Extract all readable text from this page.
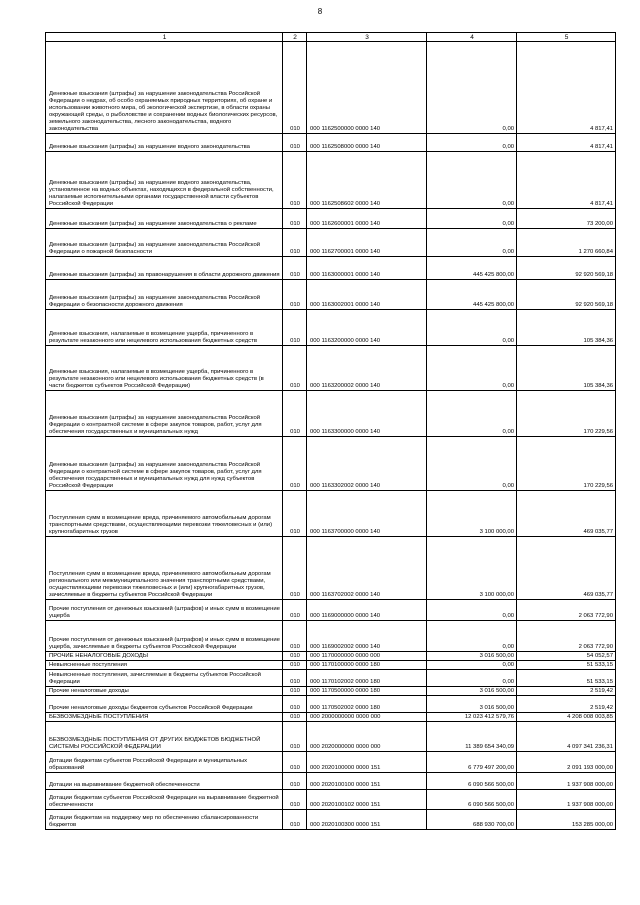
8
1	2	3	4	5
Денежные взыскания (штрафы) за нарушение законодательства Российской Федерации о недрах, об особо охраняемых природных территориях, об охране и использовании животного мира, об экологической экспертизе, в области охраны окружающей среды, о рыболовстве и сохранении водных биологических ресурсов, земельного законодательства, лесного законодательства, водного законодательства	010	000 1162500000 0000 140	0,00	4 817,41
Денежные взыскания (штрафы) за нарушение водного законодательства	010	000 1162508000 0000 140	0,00	4 817,41
Денежные взыскания (штрафы) за нарушение водного законодательства, установленное на водных объектах, находящихся в федеральной собственности, налагаемые исполнительными органами государственной власти субъектов Российской Федерации	010	000 1162508602 0000 140	0,00	4 817,41
Денежные взыскания (штрафы) за нарушение законодательства о рекламе	010	000 1162600001 0000 140	0,00	73 200,00
Денежные взыскания (штрафы) за нарушение законодательства Российской Федерации о пожарной безопасности	010	000 1162700001 0000 140	0,00	1 270 660,84
Денежные взыскания (штрафы) за правонарушения в области дорожного движения	010	000 1163000001 0000 140	445 425 800,00	92 920 569,18
Денежные взыскания (штрафы) за нарушение законодательства Российской Федерации о безопасности дорожного движения	010	000 1163002001 0000 140	445 425 800,00	92 920 569,18
Денежные взыскания, налагаемые в возмещение ущерба, причиненного в результате незаконного или нецелевого использования бюджетных средств	010	000 1163200000 0000 140	0,00	105 384,36
Денежные взыскания, налагаемые в возмещение ущерба, причиненного в результате незаконного или нецелевого использования бюджетных средств (в части бюджетов субъектов Российской Федерации)	010	000 1163200002 0000 140	0,00	105 384,36
Денежные взыскания (штрафы) за нарушение законодательства Российской Федерации о контрактной системе в сфере закупок товаров, работ, услуг для обеспечения государственных и муниципальных нужд	010	000 1163300000 0000 140	0,00	170 229,56
Денежные взыскания (штрафы) за нарушение законодательства Российской Федерации о контрактной системе в сфере закупок товаров, работ, услуг для обеспечения государственных и муниципальных нужд для нужд субъектов Российской Федерации	010	000 1163302002 0000 140	0,00	170 229,56
Поступления сумм в возмещение вреда, причиняемого автомобильным дорогам транспортными средствами, осуществляющими перевозки тяжеловесных и (или) крупногабаритных грузов	010	000 1163700000 0000 140	3 100 000,00	469 035,77
Поступления сумм в возмещение вреда, причиняемого автомобильным дорогам регионального или межмуниципального значения транспортными средствами, осуществляющими перевозки тяжеловесных и (или) крупногабаритных грузов, зачисляемые в бюджеты субъектов Российской Федерации	010	000 1163702002 0000 140	3 100 000,00	469 035,77
Прочие поступления от денежных взысканий (штрафов) и иных сумм в возмещение ущерба	010	000 1169000000 0000 140	0,00	2 063 772,90
Прочие поступления от денежных взысканий (штрафов) и иных сумм в возмещение ущерба, зачисляемые в бюджеты субъектов Российской Федерации	010	000 1169002002 0000 140	0,00	2 063 772,90
ПРОЧИЕ НЕНАЛОГОВЫЕ ДОХОДЫ	010	000 1170000000 0000 000	3 016 500,00	54 052,57
Невыясненные поступления	010	000 1170100000 0000 180	0,00	51 533,15
Невыясненные поступления, зачисляемые в бюджеты субъектов Российской Федерации	010	000 1170102002 0000 180	0,00	51 533,15
Прочие неналоговые доходы	010	000 1170500000 0000 180	3 016 500,00	2 519,42
Прочие неналоговые доходы бюджетов субъектов Российской Федерации	010	000 1170502002 0000 180	3 016 500,00	2 519,42
БЕЗВОЗМЕЗДНЫЕ ПОСТУПЛЕНИЯ	010	000 2000000000 0000 000	12 023 412 579,76	4 208 008 003,85
БЕЗВОЗМЕЗДНЫЕ ПОСТУПЛЕНИЯ ОТ ДРУГИХ БЮДЖЕТОВ БЮДЖЕТНОЙ СИСТЕМЫ РОССИЙСКОЙ ФЕДЕРАЦИИ	010	000 2020000000 0000 000	11 389 654 340,09	4 097 341 236,31
Дотации бюджетам субъектов Российской Федерации и муниципальных образований	010	000 2020100000 0000 151	6 779 497 200,00	2 091 193 000,00
Дотации на выравнивание бюджетной обеспеченности	010	000 2020100100 0000 151	6 090 566 500,00	1 937 908 000,00
Дотации бюджетам субъектов Российской Федерации на выравнивание бюджетной обеспеченности	010	000 2020100102 0000 151	6 090 566 500,00	1 937 908 000,00
Дотации бюджетам на поддержку мер по обеспечению сбалансированности бюджетов	010	000 2020100300 0000 151	688 930 700,00	153 285 000,00
